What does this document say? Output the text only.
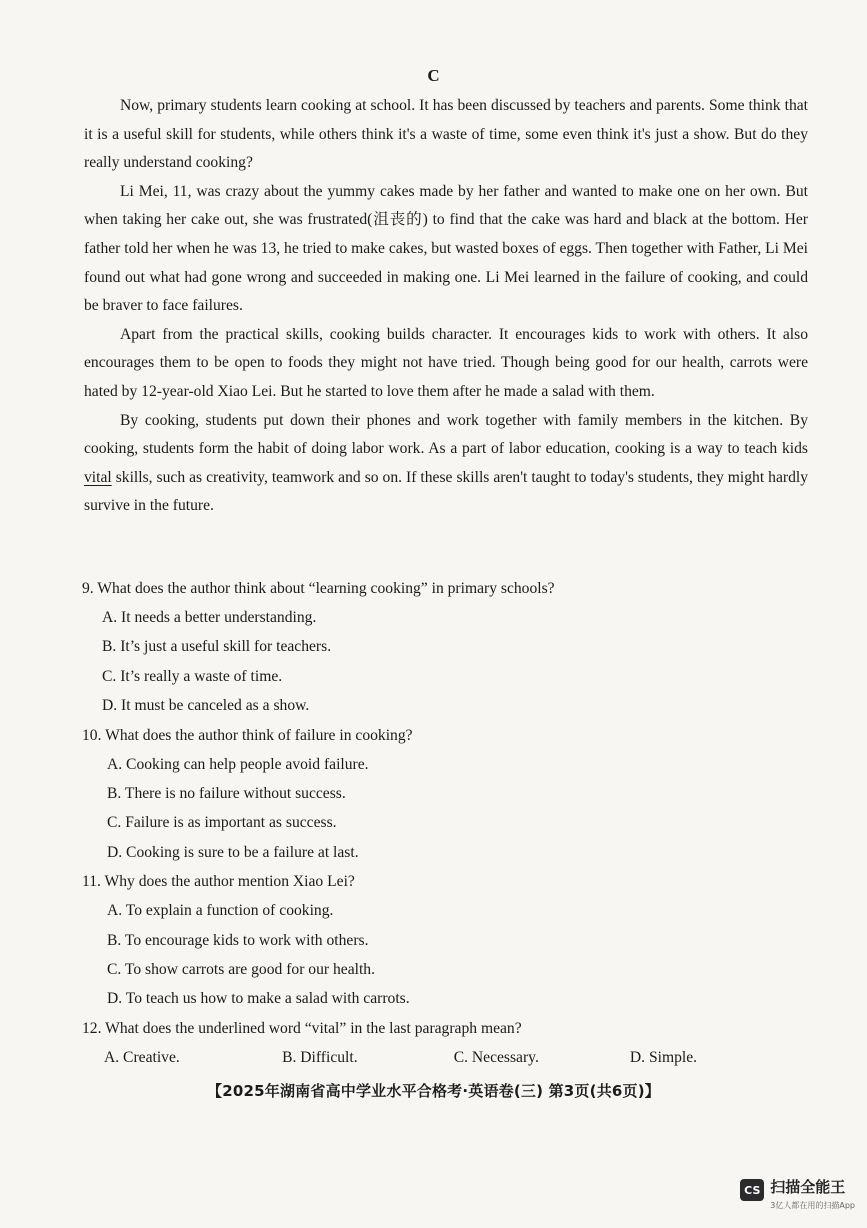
C

Now, primary students learn cooking at school. It has been discussed by teachers and parents. Some think that it is a useful skill for students, while others think it's a waste of time, some even think it's just a show. But do they really understand cooking?

Li Mei, 11, was crazy about the yummy cakes made by her father and wanted to make one on her own. But when taking her cake out, she was frustrated(沮丧的) to find that the cake was hard and black at the bottom. Her father told her when he was 13, he tried to make cakes, but wasted boxes of eggs. Then together with Father, Li Mei found out what had gone wrong and succeeded in making one. Li Mei learned in the failure of cooking, and could be braver to face failures.

Apart from the practical skills, cooking builds character. It encourages kids to work with others. It also encourages them to be open to foods they might not have tried. Though being good for our health, carrots were hated by 12-year-old Xiao Lei. But he started to love them after he made a salad with them.

By cooking, students put down their phones and work together with family members in the kitchen. By cooking, students form the habit of doing labor work. As a part of labor education, cooking is a way to teach kids vital skills, such as creativity, teamwork and so on. If these skills aren't taught to today's students, they might hardly survive in the future.

9. What does the author think about “learning cooking” in primary schools?
A. It needs a better understanding.
B. It’s just a useful skill for teachers.
C. It’s really a waste of time.
D. It must be canceled as a show.
10. What does the author think of failure in cooking?
A. Cooking can help people avoid failure.
B. There is no failure without success.
C. Failure is as important as success.
D. Cooking is sure to be a failure at last.
11. Why does the author mention Xiao Lei?
A. To explain a function of cooking.
B. To encourage kids to work with others.
C. To show carrots are good for our health.
D. To teach us how to make a salad with carrots.
12. What does the underlined word “vital” in the last paragraph mean?
A. Creative.	B. Difficult.	C. Necessary.	D. Simple.
【2025年湖南省高中学业水平合格考·英语卷(三) 第3页(共6页)】
CS 扫描全能王
3亿人都在用的扫描App
